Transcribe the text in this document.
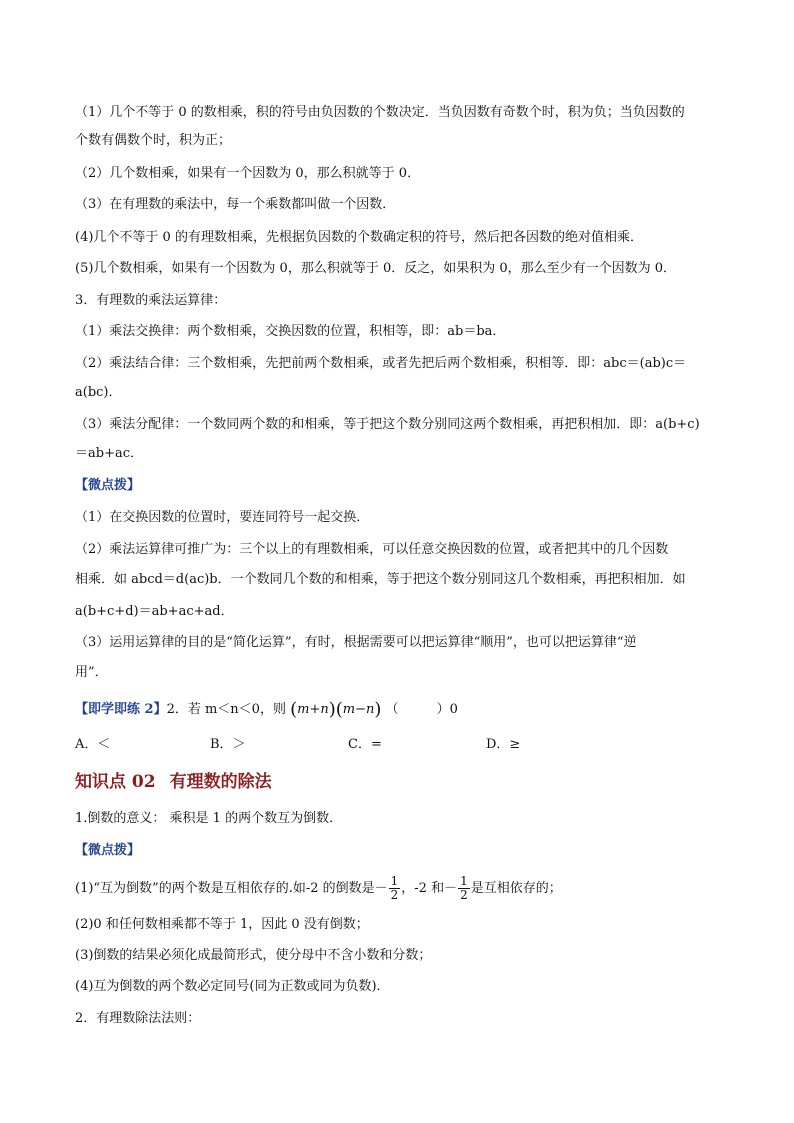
（1）几个不等于 0 的数相乘，积的符号由负因数的个数决定．当负因数有奇数个时，积为负；当负因数的
个数有偶数个时，积为正；
（2）几个数相乘，如果有一个因数为 0，那么积就等于 0．
（3）在有理数的乘法中，每一个乘数都叫做一个因数．
(4)几个不等于 0 的有理数相乘，先根据负因数的个数确定积的符号，然后把各因数的绝对值相乘．
(5)几个数相乘，如果有一个因数为 0，那么积就等于 0．反之，如果积为 0，那么至少有一个因数为 0．
3．有理数的乘法运算律：
（1）乘法交换律：两个数相乘，交换因数的位置，积相等，即：ab＝ba．
（2）乘法结合律：三个数相乘，先把前两个数相乘，或者先把后两个数相乘，积相等．即：abc＝(ab)c＝
a(bc)．
（3）乘法分配律：一个数同两个数的和相乘，等于把这个数分别同这两个数相乘，再把积相加．即：a(b+c)
＝ab+ac．
【微点拨】
（1）在交换因数的位置时，要连同符号一起交换．
（2）乘法运算律可推广为：三个以上的有理数相乘，可以任意交换因数的位置，或者把其中的几个因数
相乘．如 abcd＝d(ac)b．一个数同几个数的和相乘，等于把这个数分别同这几个数相乘，再把积相加．如
a(b+c+d)＝ab+ac+ad．
（3）运用运算律的目的是“简化运算”，有时，根据需要可以把运算律“顺用”，也可以把运算律“逆
用”．
【即学即练 2】2．若 m＜n＜0，则 (m+n)(m−n) （	）0
A．＜	B．＞	C．=	D．≥
知识点 02 有理数的除法
1.倒数的意义： 乘积是 1 的两个数互为倒数．
【微点拨】
(1)“互为倒数”的两个数是互相依存的.如-2 的倒数是－ $\frac{1}{2}$ ，-2 和－ $\frac{1}{2}$ 是互相依存的；
(2)0 和任何数相乘都不等于 1，因此 0 没有倒数；
(3)倒数的结果必须化成最简形式，使分母中不含小数和分数；
(4)互为倒数的两个数必定同号(同为正数或同为负数)．
2．有理数除法法则：
